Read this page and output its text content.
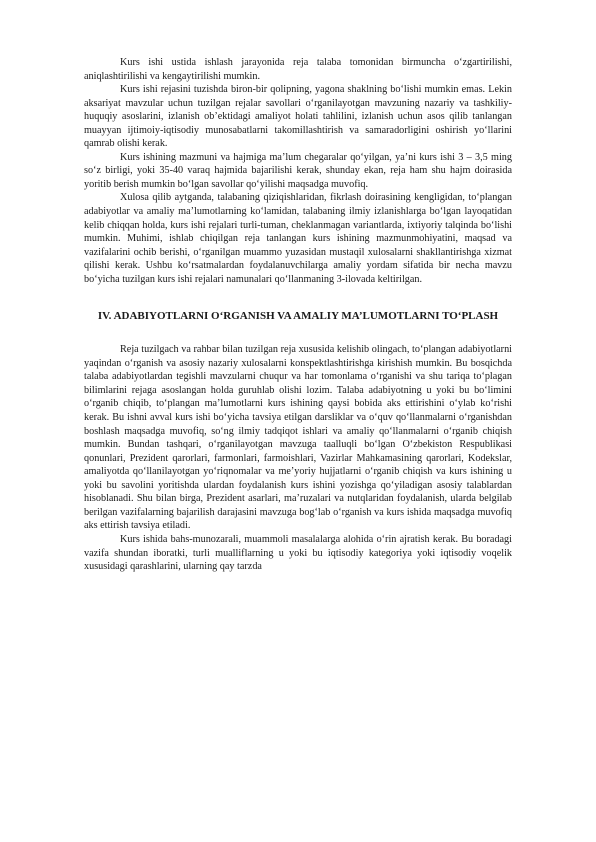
Kurs ishi ustida ishlash jarayonida reja talaba tomonidan birmuncha o‘zgartirilishi, aniqlashtirilishi va kengaytirilishi mumkin.

Kurs ishi rejasini tuzishda biron-bir qolipning, yagona shaklning bo‘lishi mumkin emas. Lekin aksariyat mavzular uchun tuzilgan rejalar savollari o‘rganilayotgan mavzuning nazariy va tashkiliy-huquqiy asoslarini, izlanish ob’ektidagi amaliyot holati tahlilini, izlanish uchun asos qilib tanlangan muayyan ijtimoiy-iqtisodiy munosabatlarni takomillashtirish va samaradorligini oshirish yo‘llarini qamrab olishi kerak.

Kurs ishining mazmuni va hajmiga ma’lum chegaralar qo‘yilgan, ya’ni kurs ishi 3 – 3,5 ming so‘z birligi, yoki 35-40 varaq hajmida bajarilishi kerak, shunday ekan, reja ham shu hajm doirasida yoritib berish mumkin bo‘lgan savollar qo‘yilishi maqsadga muvofiq.

Xulosa qilib aytganda, talabaning qiziqishlaridan, fikrlash doirasining kengligidan, to‘plangan adabiyotlar va amaliy ma’lumotlarning ko‘lamidan, talabaning ilmiy izlanishlarga bo‘lgan layoqatidan kelib chiqqan holda, kurs ishi rejalari turli-tuman, cheklanmagan variantlarda, ixtiyoriy talqinda bo‘lishi mumkin. Muhimi, ishlab chiqilgan reja tanlangan kurs ishining mazmunmohiyatini, maqsad va vazifalarini ochib berishi, o‘rganilgan muammo yuzasidan mustaqil xulosalarni shakllantirishga xizmat qilishi kerak. Ushbu ko‘rsatmalardan foydalanuvchilarga amaliy yordam sifatida bir necha mavzu bo‘yicha tuzilgan kurs ishi rejalari namunalari qo‘llanmaning 3-ilovada keltirilgan.

IV. ADABIYOTLARNI O‘RGANISH VA AMALIY MA’LUMOTLARNI TO‘PLASH

Reja tuzilgach va rahbar bilan tuzilgan reja xususida kelishib olingach, to‘plangan adabiyotlarni yaqindan o‘rganish va asosiy nazariy xulosalarni konspektlashtirishga kirishish mumkin. Bu bosqichda talaba adabiyotlardan tegishli mavzularni chuqur va har tomonlama o‘rganishi va shu tariqa to‘plagan bilimlarini rejaga asoslangan holda guruhlab olishi lozim. Talaba adabiyotning u yoki bu bo‘limini o‘rganib chiqib, to‘plangan ma’lumotlarni kurs ishining qaysi bobida aks ettirishini o‘ylab ko‘rishi kerak. Bu ishni avval kurs ishi bo‘yicha tavsiya etilgan darsliklar va o‘quv qo‘llanmalarni o‘rganishdan boshlash maqsadga muvofiq, so‘ng ilmiy tadqiqot ishlari va amaliy qo‘llanmalarni o‘rganib chiqish mumkin. Bundan tashqari, o‘rganilayotgan mavzuga taalluqli bo‘lgan O‘zbekiston Respublikasi qonunlari, Prezident qarorlari, farmonlari, farmoishlari, Vazirlar Mahkamasining qarorlari, Kodekslar, amaliyotda qo‘llanilayotgan yo‘riqnomalar va me’yoriy hujjatlarni o‘rganib chiqish va kurs ishining u yoki bu savolini yoritishda ulardan foydalanish kurs ishini yozishga qo‘yiladigan asosiy talablardan hisoblanadi. Shu bilan birga, Prezident asarlari, ma’ruzalari va nutqlaridan foydalanish, ularda belgilab berilgan vazifalarning bajarilish darajasini mavzuga bog‘lab o‘rganish va kurs ishida maqsadga muvofiq aks ettirish tavsiya etiladi.

Kurs ishida bahs-munozarali, muammoli masalalarga alohida o‘rin ajratish kerak. Bu boradagi vazifa shundan iboratki, turli mualliflarning u yoki bu iqtisodiy kategoriya yoki iqtisodiy voqelik xususidagi qarashlarini, ularning qay tarzda
